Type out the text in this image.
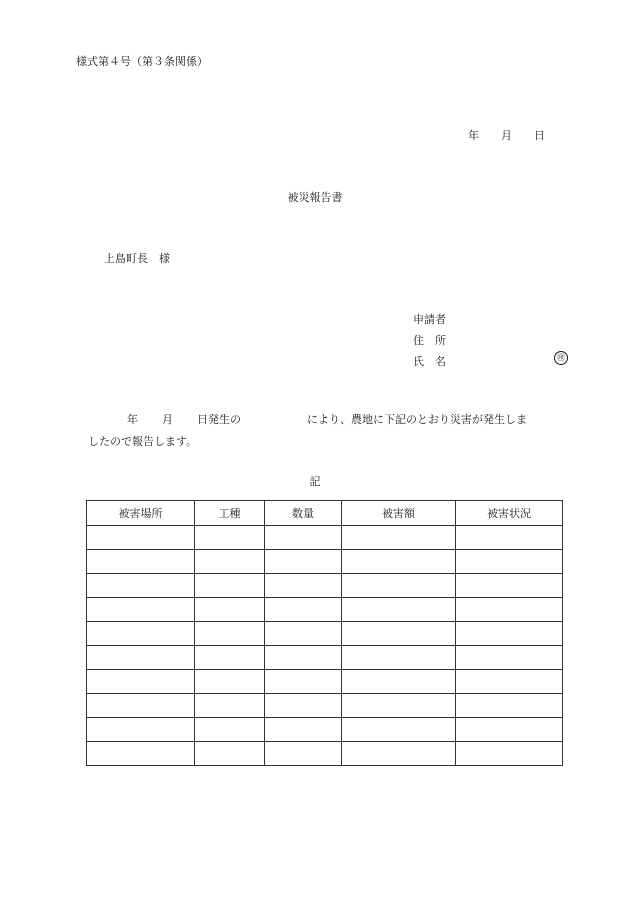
様式第４号（第３条関係）
年 月 日
被災報告書
上島町長　様
申請者
住　所
氏　名	㊞
年 月 日発生の	により、農地に下記のとおり災害が発生しま
したので報告します。
記
被害場所	工種	数量	被害額	被害状況
